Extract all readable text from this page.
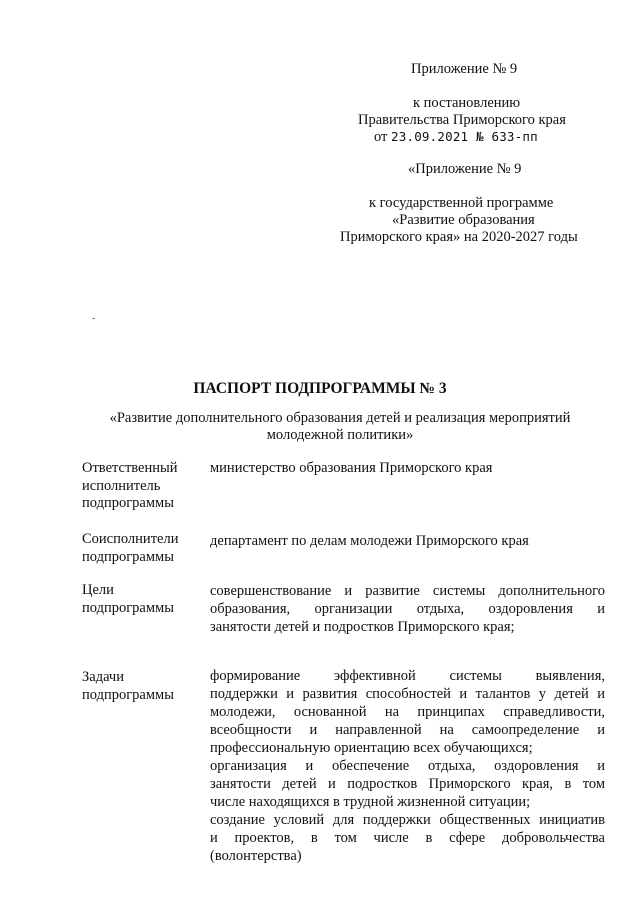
Приложение № 9
к постановлению
Правительства Приморского края
от 23.09.2021 № 633-пп
«Приложение № 9
к государственной программе
«Развитие образования
Приморского края» на 2020-2027 годы
ПАСПОРТ ПОДПРОГРАММЫ № 3
«Развитие дополнительного образования детей и реализация мероприятий
молодежной политики»
Ответственный
исполнитель
подпрограммы
министерство образования Приморского края
Соисполнители
подпрограммы
департамент по делам молодежи Приморского края
Цели
подпрограммы
совершенствование и развитие системы дополнительного
образования, организации отдыха, оздоровления и
занятости детей и подростков Приморского края;
Задачи
подпрограммы
формирование эффективной системы выявления,
поддержки и развития способностей и талантов у детей и
молодежи, основанной на принципах справедливости,
всеобщности и направленной на самоопределение и
профессиональную ориентацию всех обучающихся;
организация и обеспечение отдыха, оздоровления и
занятости детей и подростков Приморского края, в том
числе находящихся в трудной жизненной ситуации;
создание условий для поддержки общественных инициатив
и проектов, в том числе в сфере добровольчества
(волонтерства)
